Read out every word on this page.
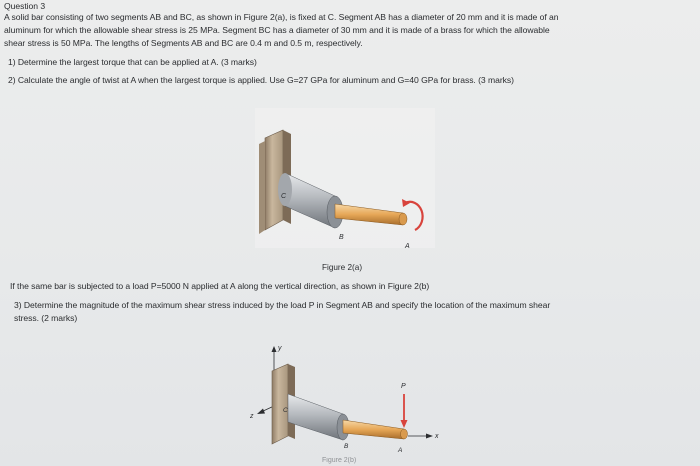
Question 3
A solid bar consisting of two segments AB and BC, as shown in Figure 2(a), is fixed at C. Segment AB has a diameter of 20 mm and it is made of an
aluminum for which the allowable shear stress is 25 MPa. Segment BC has a diameter of 30 mm and it is made of a brass for which the allowable
shear stress is 50 MPa. The lengths of Segments AB and BC are 0.4 m and 0.5 m, respectively.
1) Determine the largest torque that can be applied at A. (3 marks)
2) Calculate the angle of twist at A when the largest torque is applied. Use G=27 GPa for aluminum and G=40 GPa for brass. (3 marks)
C
B
A
Figure 2(a)
If the same bar is subjected to a load P=5000 N applied at A along the vertical direction, as shown in Figure 2(b)
3) Determine the magnitude of the maximum shear stress induced by the load P in Segment AB and specify the location of the maximum shear
stress. (2 marks)
y
z
P
x
C
B
A
Figure 2(b)
